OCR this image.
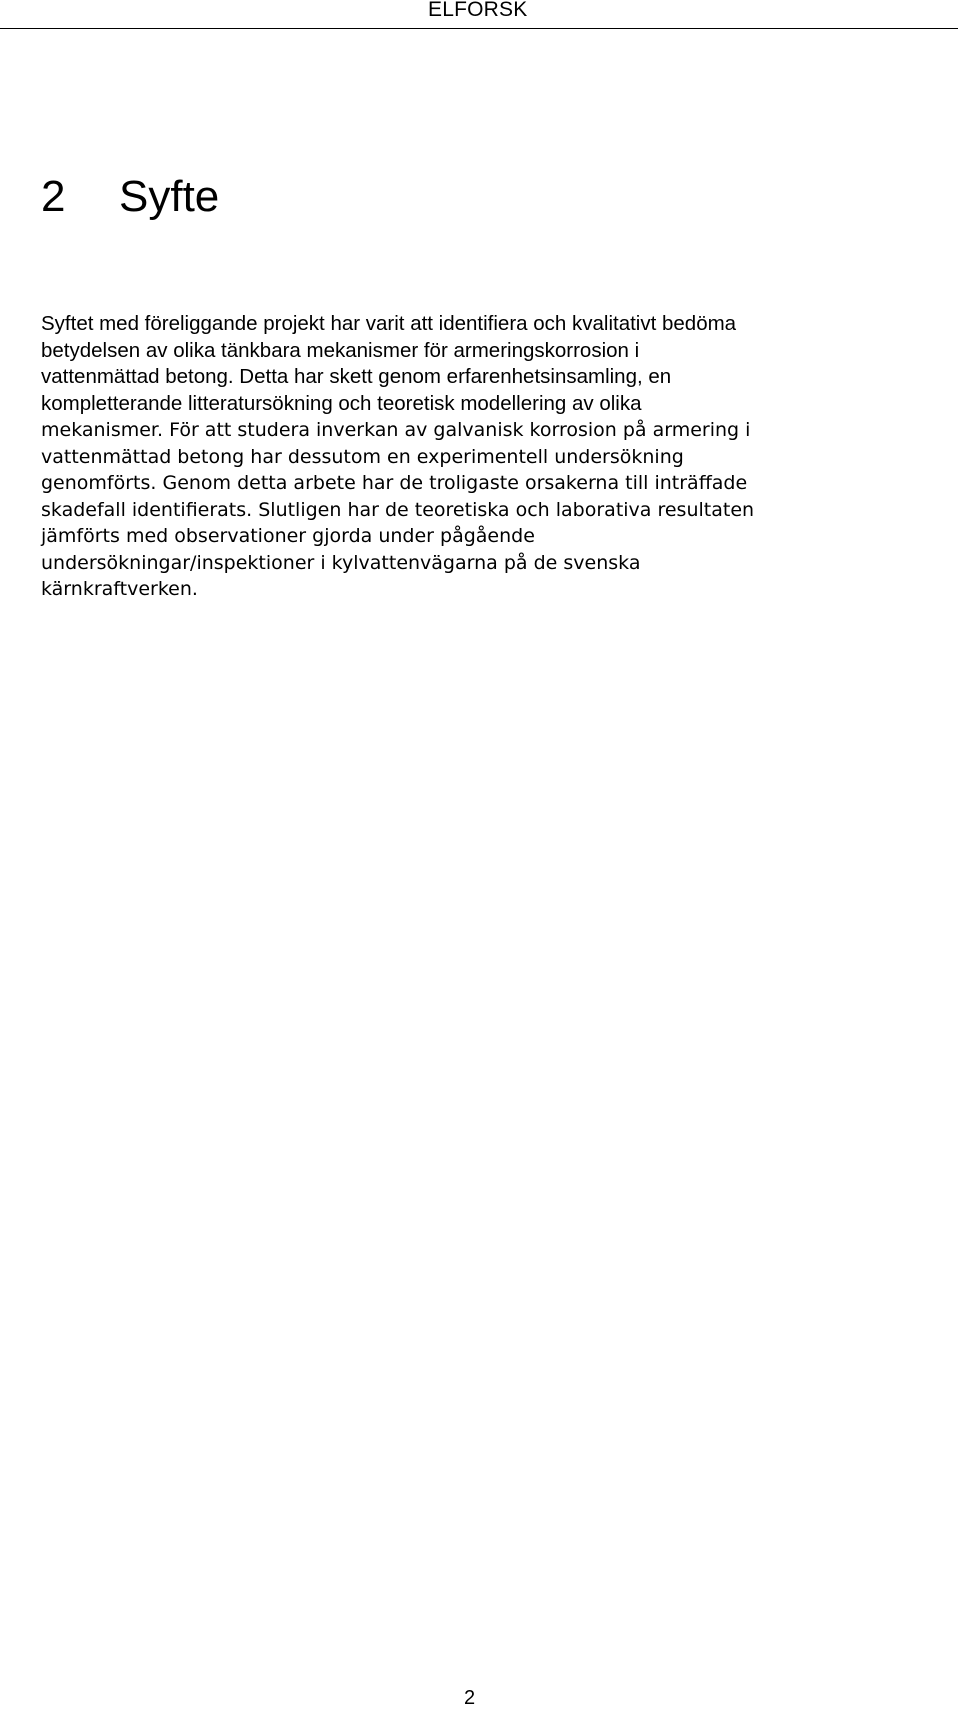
ELFORSK
2 Syfte
Syftet med föreliggande projekt har varit att identifiera och kvalitativt bedöma
betydelsen av olika tänkbara mekanismer för armeringskorrosion i
vattenmättad betong. Detta har skett genom erfarenhetsinsamling, en
kompletterande litteratursökning och teoretisk modellering av olika
mekanismer. För att studera inverkan av galvanisk korrosion på armering i
vattenmättad betong har dessutom en experimentell undersökning
genomförts. Genom detta arbete har de troligaste orsakerna till inträffade
skadefall identifierats. Slutligen har de teoretiska och laborativa resultaten
jämförts med observationer gjorda under pågående
undersökningar/inspektioner i kylvattenvägarna på de svenska
kärnkraftverken.
2
